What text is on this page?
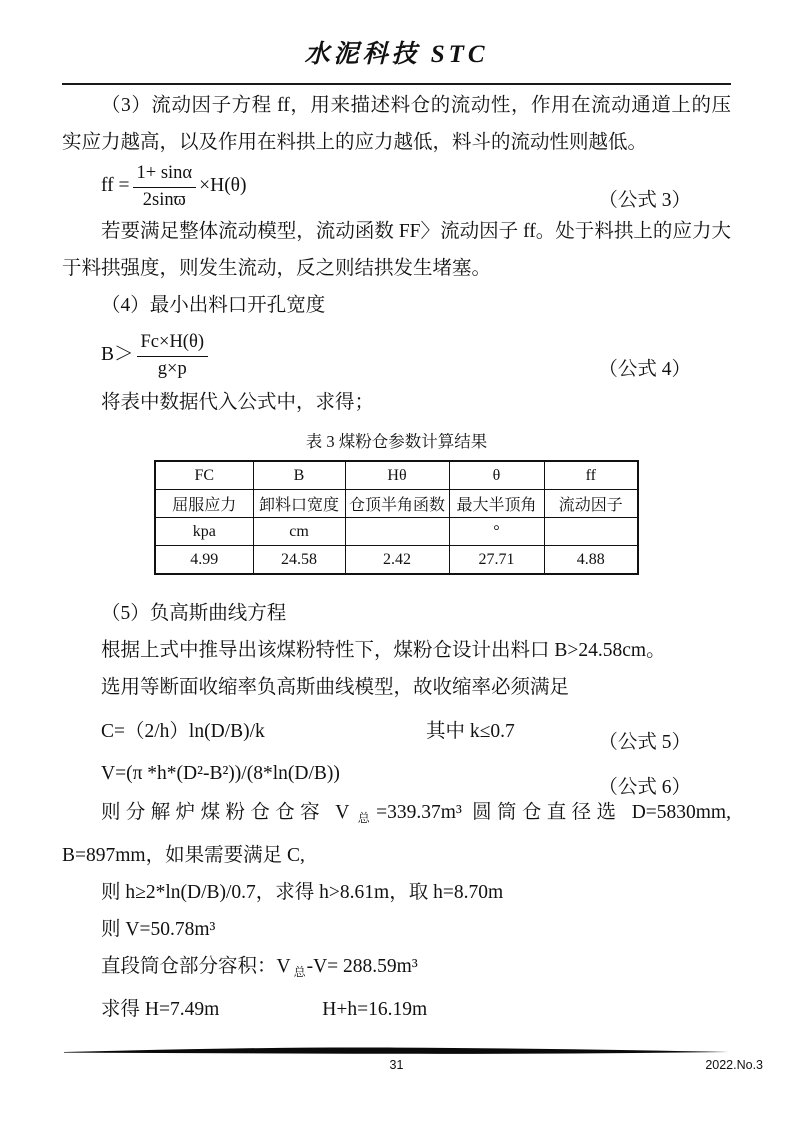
水泥科技 STC

（3）流动因子方程 ff，用来描述料仓的流动性，作用在流动通道上的压实应力越高，以及作用在料拱上的应力越低，料斗的流动性则越低。

ff = $\frac{1+ \sin\alpha}{2\sin ϖ} \times H(\theta)$
（公式 3）

若要满足整体流动模型，流动函数 FF〉流动因子 ff。处于料拱上的应力大于料拱强度，则发生流动，反之则结拱发生堵塞。

（4）最小出料口开孔宽度

$B> \frac{Fc\times H(\theta)}{g\times p}$	（公式 4）

将表中数据代入公式中，求得；

表 3 煤粉仓参数计算结果
FC	B	Hθ	θ	ff
屈服应力	卸料口宽度	仓顶半角函数	最大半顶角	流动因子
kpa	cm		°	
4.99	24.58	2.42	27.71	4.88

（5）负高斯曲线方程

根据上式中推导出该煤粉特性下，煤粉仓设计出料口 B>24.58cm。

选用等断面收缩率负高斯曲线模型，故收缩率必须满足

C=（2/h）ln(D/B)/k	其中 k≤0.7
（公式 5）
V=(π *h*(D²-B²))/(8*ln(D/B))
（公式 6）

则分解炉煤粉仓仓容 V $_总$=339.37m³ 圆筒仓直径选 D=5830mm, B=897mm，如果需要满足 C,

则 h≥2*ln(D/B)/0.7，求得 h>8.61m，取 h=8.70m

则 V=50.78m³

直段筒仓部分容积：V $_总$-V= 288.59m³

求得 H=7.49m	H+h=16.19m

31	2022.No.3
